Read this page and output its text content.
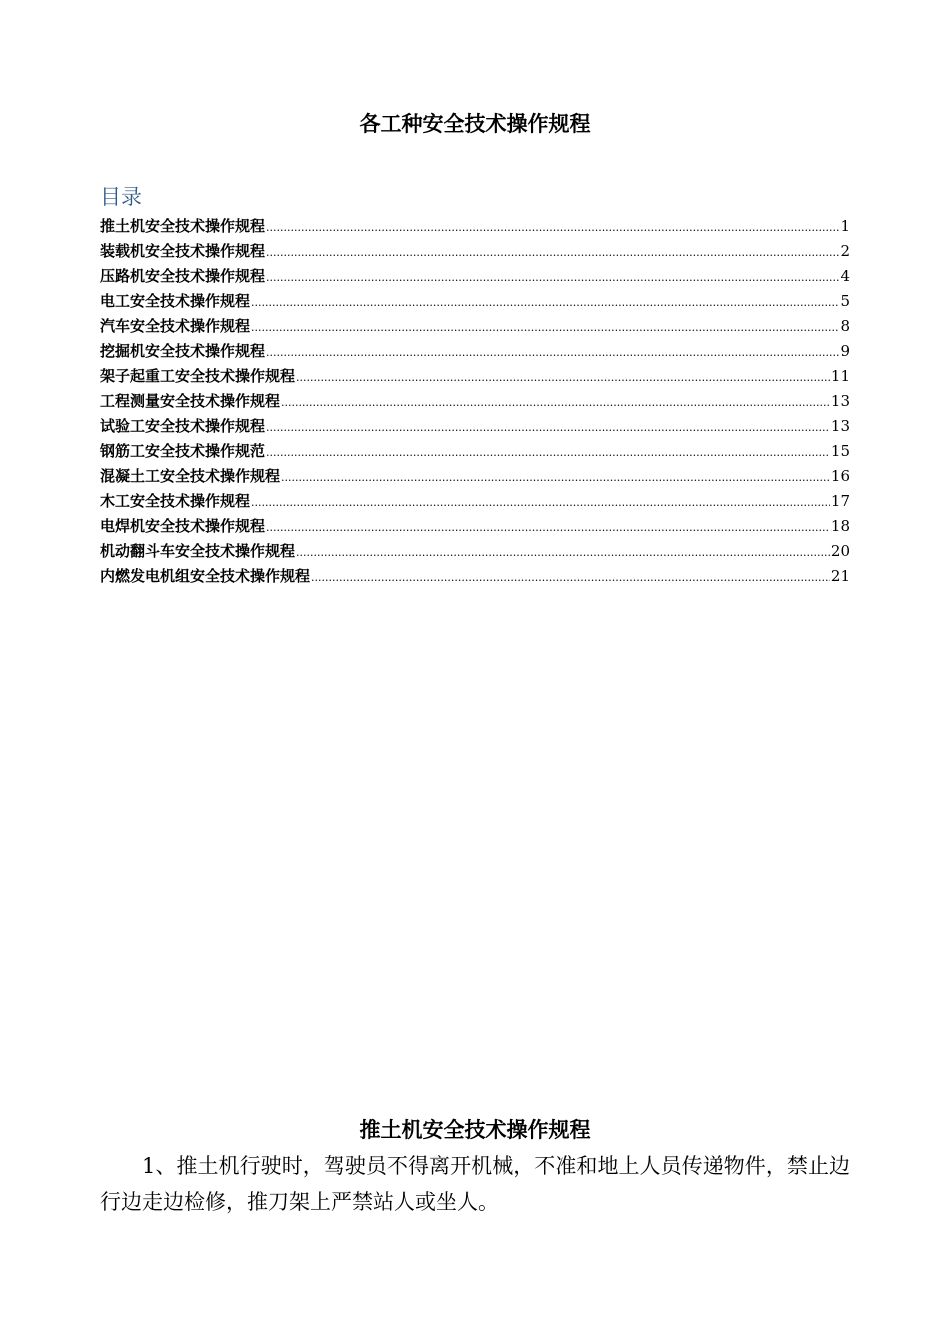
各工种安全技术操作规程
目录
推土机安全技术操作规程 .....	1
装载机安全技术操作规程 .....	2
压路机安全技术操作规程 .....	4
电工安全技术操作规程 .....	5
汽车安全技术操作规程 .....	8
挖掘机安全技术操作规程 .....	9
架子起重工安全技术操作规程 .....	11
工程测量安全技术操作规程 .....	13
试验工安全技术操作规程 .....	13
钢筋工安全技术操作规范 .....	15
混凝土工安全技术操作规程 .....	16
木工安全技术操作规程 .....	17
电焊机安全技术操作规程 .....	18
机动翻斗车安全技术操作规程 .....	20
内燃发电机组安全技术操作规程 .....	21
推土机安全技术操作规程

1、推土机行驶时，驾驶员不得离开机械，不准和地上人员传递物件，禁止边行边走边检修，推刀架上严禁站人或坐人。
